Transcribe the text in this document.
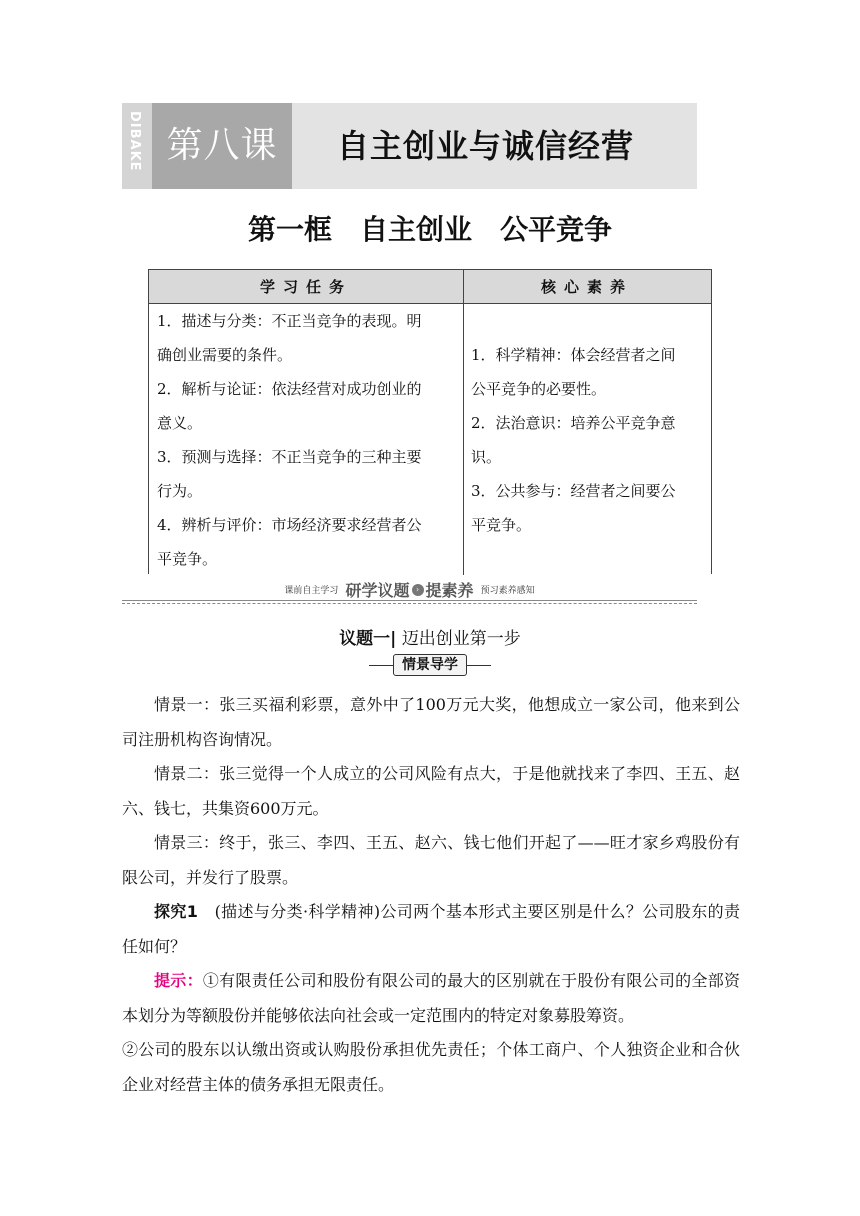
DIBAKE 第八课	自主创业与诚信经营
第一框　自主创业　公平竞争
学习任务	核心素养
1．描述与分类：不正当竞争的表现。明
确创业需要的条件。
2．解析与论证：依法经营对成功创业的
意义。
3．预测与选择：不正当竞争的三种主要
行为。
4．辨析与评价：市场经济要求经营者公
平竞争。
1．科学精神：体会经营者之间
公平竞争的必要性。
2．法治意识：培养公平竞争意
识。
3．公共参与：经营者之间要公
平竞争。
课前自主学习 研学议题 › 提素养 预习素养感知
议题一| 迈出创业第一步
情景导学

情景一：张三买福利彩票，意外中了100万元大奖，他想成立一家公司，他来到公司注册机构咨询情况。

情景二：张三觉得一个人成立的公司风险有点大，于是他就找来了李四、王五、赵六、钱七，共集资600万元。

情景三：终于，张三、李四、王五、赵六、钱七他们开起了——旺才家乡鸡股份有限公司，并发行了股票。

探究1　 (描述与分类·科学精神)公司两个基本形式主要区别是什么？公司股东的责任如何？

提示：①有限责任公司和股份有限公司的最大的区别就在于股份有限公司的全部资本划分为等额股份并能够依法向社会或一定范围内的特定对象募股筹资。

②公司的股东以认缴出资或认购股份承担优先责任；个体工商户、个人独资企业和合伙企业对经营主体的债务承担无限责任。
